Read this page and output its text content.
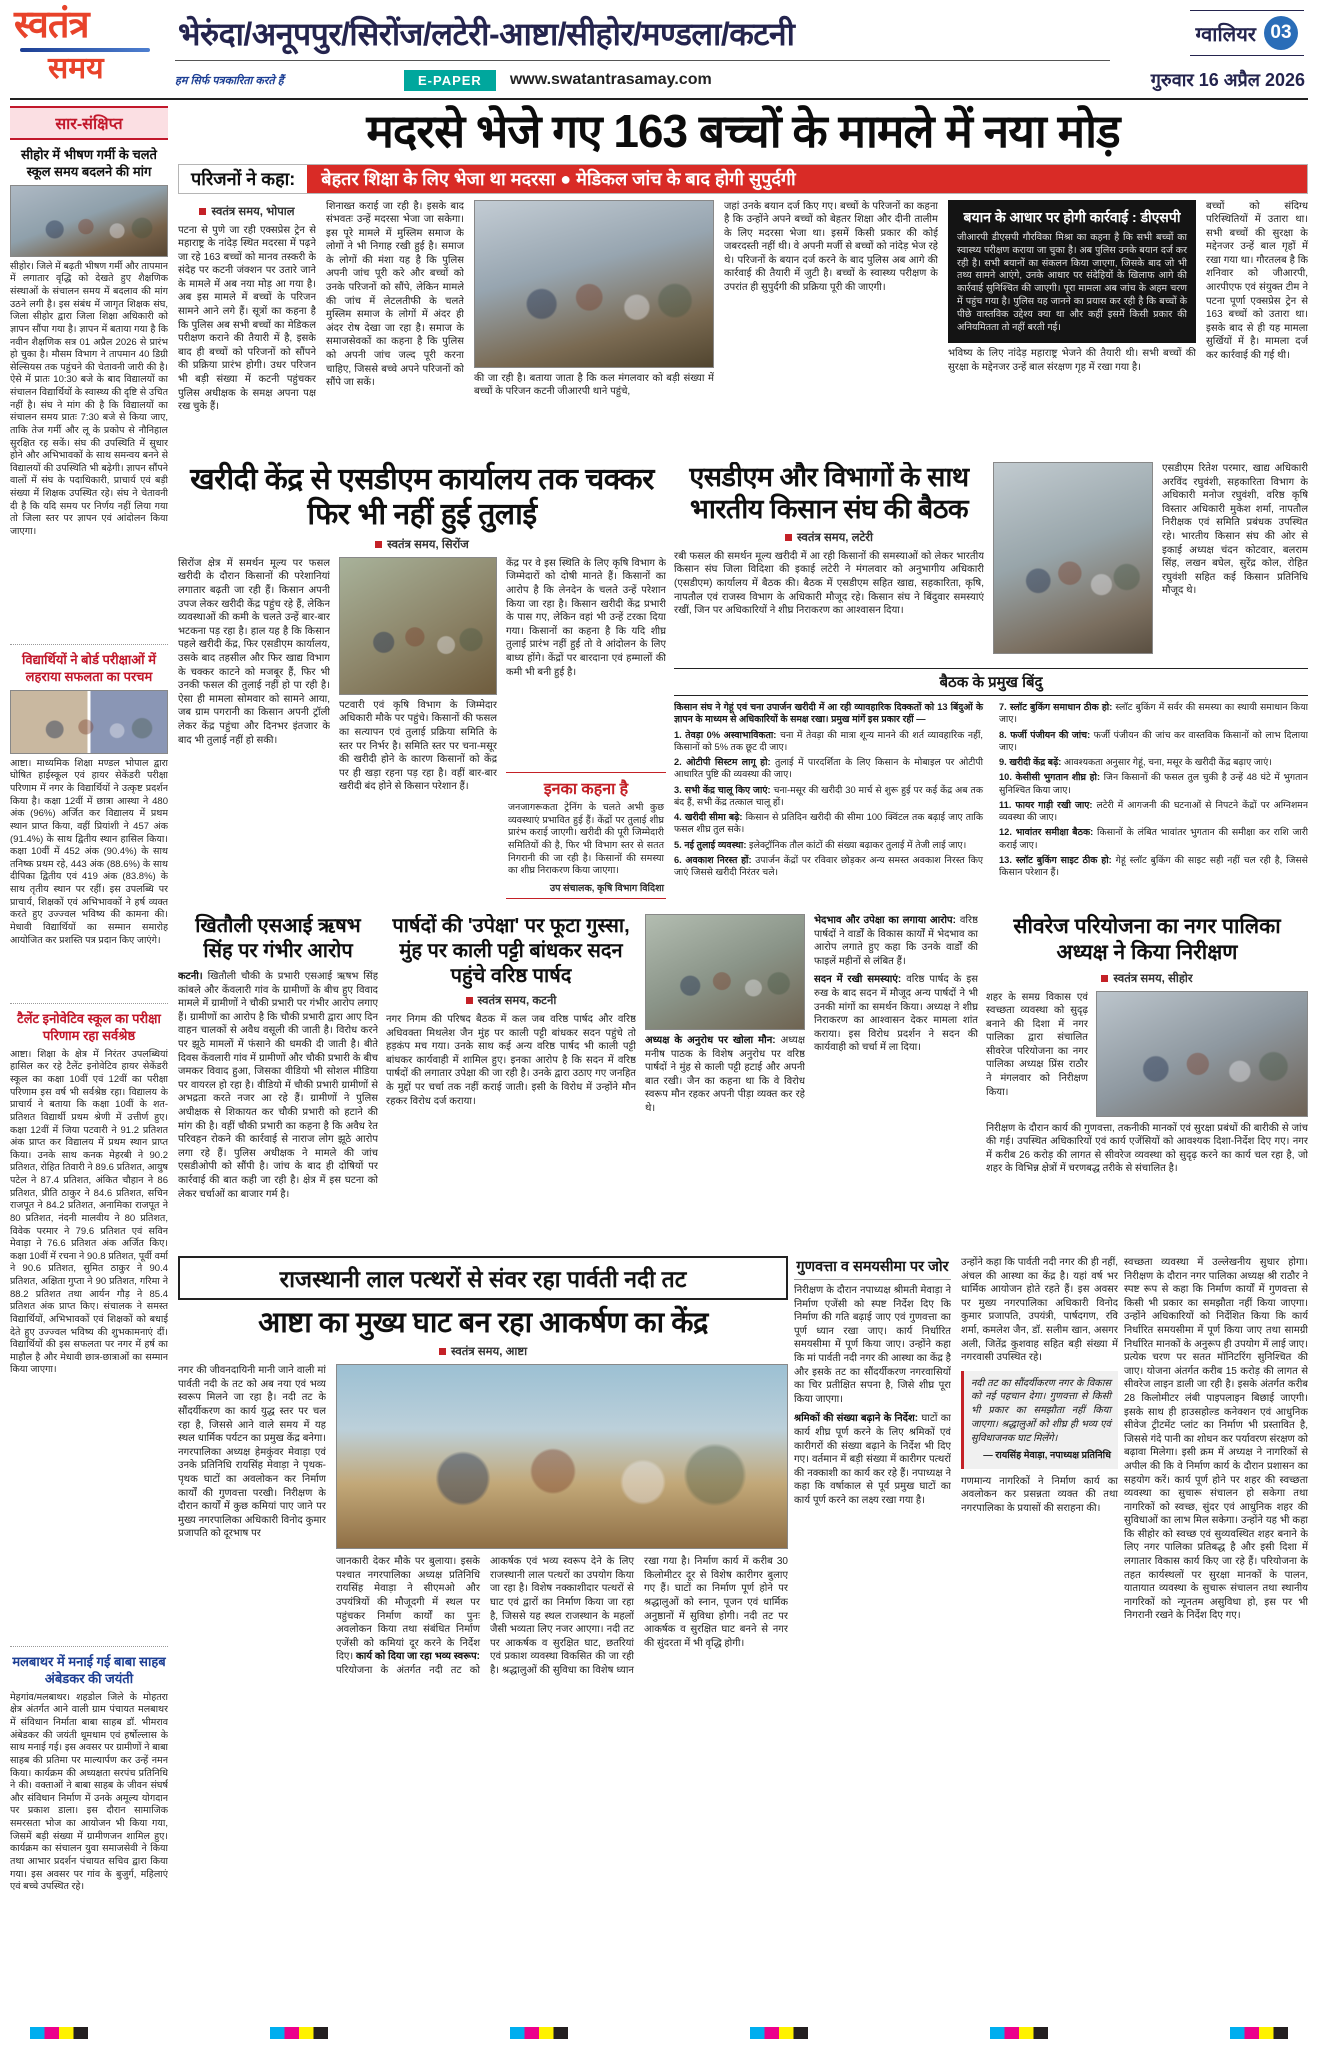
स्वतंत्र
समय
भेरुंदा/अनूपपुर/सिरोंज/लटेरी-आष्टा/सीहोर/मण्डला/कटनी	ग्वालियर 03
हम सिर्फ पत्रकारिता करते हैं	E-PAPER	www.swatantrasamay.com	गुरुवार 16 अप्रैल 2026
सार-संक्षिप्त
सीहोर में भीषण गर्मी के चलते स्कूल समय बदलने की मांग

सीहोर। जिले में बढ़ती भीषण गर्मी और तापमान में लगातार वृद्धि को देखते हुए शैक्षणिक संस्थाओं के संचालन समय में बदलाव की मांग उठने लगी है। इस संबंध में जागृत शिक्षक संघ, जिला सीहोर द्वारा जिला शिक्षा अधिकारी को ज्ञापन सौंपा गया है। ज्ञापन में बताया गया है कि नवीन शैक्षणिक सत्र 01 अप्रैल 2026 से प्रारंभ हो चुका है। मौसम विभाग ने तापमान 40 डिग्री सेल्सियस तक पहुंचने की चेतावनी जारी की है। ऐसे में प्रातः 10:30 बजे के बाद विद्यालयों का संचालन विद्यार्थियों के स्वास्थ्य की दृष्टि से उचित नहीं है। संघ ने मांग की है कि विद्यालयों का संचालन समय प्रातः 7:30 बजे से किया जाए, ताकि तेज गर्मी और लू के प्रकोप से नौनिहाल सुरक्षित रह सकें। संघ की उपस्थिति में सुधार होने और अभिभावकों के साथ समन्वय बनने से विद्यालयों की उपस्थिति भी बढ़ेगी। ज्ञापन सौंपने वालों में संघ के पदाधिकारी, प्राचार्य एवं बड़ी संख्या में शिक्षक उपस्थित रहे। संघ ने चेतावनी दी है कि यदि समय पर निर्णय नहीं लिया गया तो जिला स्तर पर ज्ञापन एवं आंदोलन किया जाएगा।

विद्यार्थियों ने बोर्ड परीक्षाओं में लहराया सफलता का परचम

आष्टा। माध्यमिक शिक्षा मण्डल भोपाल द्वारा घोषित हाईस्कूल एवं हायर सेकेंडरी परीक्षा परिणाम में नगर के विद्यार्थियों ने उत्कृष्ट प्रदर्शन किया है। कक्षा 12वीं में छात्रा आस्था ने 480 अंक (96%) अर्जित कर विद्यालय में प्रथम स्थान प्राप्त किया, वहीं प्रियांशी ने 457 अंक (91.4%) के साथ द्वितीय स्थान हासिल किया। कक्षा 10वीं में 452 अंक (90.4%) के साथ तनिष्क प्रथम रहे, 443 अंक (88.6%) के साथ दीपिका द्वितीय एवं 419 अंक (83.8%) के साथ तृतीय स्थान पर रहीं। इस उपलब्धि पर प्राचार्य, शिक्षकों एवं अभिभावकों ने हर्ष व्यक्त करते हुए उज्ज्वल भविष्य की कामना की। मेधावी विद्यार्थियों का सम्मान समारोह आयोजित कर प्रशस्ति पत्र प्रदान किए जाएंगे।

टैलेंट इनोवेटिव स्कूल का परीक्षा परिणाम रहा सर्वश्रेष्ठ

आष्टा। शिक्षा के क्षेत्र में निरंतर उपलब्धियां हासिल कर रहे टैलेंट इनोवेटिव हायर सेकेंडरी स्कूल का कक्षा 10वीं एवं 12वीं का परीक्षा परिणाम इस वर्ष भी सर्वश्रेष्ठ रहा। विद्यालय के प्राचार्य ने बताया कि कक्षा 10वीं के शत-प्रतिशत विद्यार्थी प्रथम श्रेणी में उत्तीर्ण हुए। कक्षा 12वीं में जिया पटवारी ने 91.2 प्रतिशत अंक प्राप्त कर विद्यालय में प्रथम स्थान प्राप्त किया। उनके साथ कनक मेहरबी ने 90.2 प्रतिशत, रोहित तिवारी ने 89.6 प्रतिशत, आयुष पटेल ने 87.4 प्रतिशत, अंकित चौहान ने 86 प्रतिशत, प्रीति ठाकुर ने 84.6 प्रतिशत, सचिन राजपूत ने 84.2 प्रतिशत, अनामिका राजपूत ने 80 प्रतिशत, नंदनी मालवीय ने 80 प्रतिशत, विवेक परमार ने 79.6 प्रतिशत एवं सविन मेवाड़ा ने 76.6 प्रतिशत अंक अर्जित किए। कक्षा 10वीं में रचना ने 90.8 प्रतिशत, पूर्वी वर्मा ने 90.6 प्रतिशत, सुमित ठाकुर ने 90.4 प्रतिशत, अक्षिता गुप्ता ने 90 प्रतिशत, गरिमा ने 88.2 प्रतिशत तथा आर्यन गौड़ ने 85.4 प्रतिशत अंक प्राप्त किए। संचालक ने समस्त विद्यार्थियों, अभिभावकों एवं शिक्षकों को बधाई देते हुए उज्ज्वल भविष्य की शुभकामनाएं दीं। विद्यार्थियों की इस सफलता पर नगर में हर्ष का माहौल है और मेधावी छात्र-छात्राओं का सम्मान किया जाएगा।

मलबाथर में मनाई गई बाबा साहब अंबेडकर की जयंती

मेहगांव/मलबाथर। शहडोल जिले के मोहतरा क्षेत्र अंतर्गत आने वाली ग्राम पंचायत मलबाथर में संविधान निर्माता बाबा साहब डॉ. भीमराव अंबेडकर की जयंती धूमधाम एवं हर्षोल्लास के साथ मनाई गई। इस अवसर पर ग्रामीणों ने बाबा साहब की प्रतिमा पर माल्यार्पण कर उन्हें नमन किया। कार्यक्रम की अध्यक्षता सरपंच प्रतिनिधि ने की। वक्ताओं ने बाबा साहब के जीवन संघर्ष और संविधान निर्माण में उनके अमूल्य योगदान पर प्रकाश डाला। इस दौरान सामाजिक समरसता भोज का आयोजन भी किया गया, जिसमें बड़ी संख्या में ग्रामीणजन शामिल हुए। कार्यक्रम का संचालन युवा समाजसेवी ने किया तथा आभार प्रदर्शन पंचायत सचिव द्वारा किया गया। इस अवसर पर गांव के बुजुर्ग, महिलाएं एवं बच्चे उपस्थित रहे।

मदरसे भेजे गए 163 बच्चों के मामले में नया मोड़
परिजनों ने कहा:	बेहतर शिक्षा के लिए भेजा था मदरसा ● मेडिकल जांच के बाद होगी सुपुर्दगी
स्वतंत्र समय, भोपाल

पटना से पुणे जा रही एक्सप्रेस ट्रेन से महाराष्ट्र के नांदेड़ स्थित मदरसा में पढ़ने जा रहे 163 बच्चों को मानव तस्करी के संदेह पर कटनी जंक्शन पर उतारे जाने के मामले में अब नया मोड़ आ गया है। अब इस मामले में बच्चों के परिजन सामने आने लगे हैं। सूत्रों का कहना है कि पुलिस अब सभी बच्चों का मेडिकल परीक्षण कराने की तैयारी में है, इसके बाद ही बच्चों को परिजनों को सौंपने की प्रक्रिया प्रारंभ होगी। उधर परिजन भी बड़ी संख्या में कटनी पहुंचकर पुलिस अधीक्षक के समक्ष अपना पक्ष रख चुके हैं।

शिनाख्त कराई जा रही है। इसके बाद संभवतः उन्हें मदरसा भेजा जा सकेगा। इस पूरे मामले में मुस्लिम समाज के लोगों ने भी निगाह रखी हुई है। समाज के लोगों की मंशा यह है कि पुलिस अपनी जांच पूरी करे और बच्चों को उनके परिजनों को सौंपे, लेकिन मामले की जांच में लेटलतीफी के चलते मुस्लिम समाज के लोगों में अंदर ही अंदर रोष देखा जा रहा है। समाज के समाजसेवकों का कहना है कि पुलिस को अपनी जांच जल्द पूरी करना चाहिए, जिससे बच्चे अपने परिजनों को सौंपे जा सकें।	की जा रही है। बताया जाता है कि कल मंगलवार को बड़ी संख्या में बच्चों के परिजन कटनी जीआरपी थाने पहुंचे,

जहां उनके बयान दर्ज किए गए। बच्चों के परिजनों का कहना है कि उन्होंने अपने बच्चों को बेहतर शिक्षा और दीनी तालीम के लिए मदरसा भेजा था। इसमें किसी प्रकार की कोई जबरदस्ती नहीं थी। वे अपनी मर्जी से बच्चों को नांदेड़ भेज रहे थे। परिजनों के बयान दर्ज करने के बाद पुलिस अब आगे की कार्रवाई की तैयारी में जुटी है। बच्चों के स्वास्थ्य परीक्षण के उपरांत ही सुपुर्दगी की प्रक्रिया पूरी की जाएगी।

बयान के आधार पर होगी कार्रवाई : डीएसपी

जीआरपी डीएसपी गौरविका मिश्रा का कहना है कि सभी बच्चों का स्वास्थ्य परीक्षण कराया जा चुका है। अब पुलिस उनके बयान दर्ज कर रही है। सभी बयानों का संकलन किया जाएगा, जिसके बाद जो भी तथ्य सामने आएंगे, उनके आधार पर संदेहियों के खिलाफ आगे की कार्रवाई सुनिश्चित की जाएगी। पूरा मामला अब जांच के अहम चरण में पहुंच गया है। पुलिस यह जानने का प्रयास कर रही है कि बच्चों के पीछे वास्तविक उद्देश्य क्या था और कहीं इसमें किसी प्रकार की अनियमितता तो नहीं बरती गई।

भविष्य के लिए नांदेड़ महाराष्ट्र भेजने की तैयारी थी। सभी बच्चों की सुरक्षा के मद्देनजर उन्हें बाल संरक्षण गृह में रखा गया है।

बच्चों को संदिग्ध परिस्थितियों में उतारा था। सभी बच्चों की सुरक्षा के मद्देनजर उन्हें बाल गृहों में रखा गया था। गौरतलब है कि शनिवार को जीआरपी, आरपीएफ एवं संयुक्त टीम ने पटना पूर्णा एक्सप्रेस ट्रेन से 163 बच्चों को उतारा था। इसके बाद से ही यह मामला सुर्खियों में है। मामला दर्ज कर कार्रवाई की गई थी।

खरीदी केंद्र से एसडीएम कार्यालय तक चक्कर फिर भी नहीं हुई तुलाई
स्वतंत्र समय, सिरोंज

सिरोंज क्षेत्र में समर्थन मूल्य पर फसल खरीदी के दौरान किसानों की परेशानियां लगातार बढ़ती जा रही हैं। किसान अपनी उपज लेकर खरीदी केंद्र पहुंच रहे हैं, लेकिन व्यवस्थाओं की कमी के चलते उन्हें बार-बार भटकना पड़ रहा है। हाल यह है कि किसान पहले खरीदी केंद्र, फिर एसडीएम कार्यालय, उसके बाद तहसील और फिर खाद्य विभाग के चक्कर काटने को मजबूर हैं, फिर भी उनकी फसल की तुलाई नहीं हो पा रही है। ऐसा ही मामला सोमवार को सामने आया, जब ग्राम पगरानी का किसान अपनी ट्रॉली लेकर केंद्र पहुंचा और दिनभर इंतजार के बाद भी तुलाई नहीं हो सकी।

पटवारी एवं कृषि विभाग के जिम्मेदार अधिकारी मौके पर पहुंचे। किसानों की फसल का सत्यापन एवं तुलाई प्रक्रिया समिति के स्तर पर निर्भर है। समिति स्तर पर चना-मसूर की खरीदी होने के कारण किसानों को केंद्र पर ही खड़ा रहना पड़ रहा है। वहीं बार-बार खरीदी बंद होने से किसान परेशान हैं।

केंद्र पर वे इस स्थिति के लिए कृषि विभाग के जिम्मेदारों को दोषी मानते हैं। किसानों का आरोप है कि लेनदेन के चलते उन्हें परेशान किया जा रहा है। किसान खरीदी केंद्र प्रभारी के पास गए, लेकिन वहां भी उन्हें टरका दिया गया। किसानों का कहना है कि यदि शीघ्र तुलाई प्रारंभ नहीं हुई तो वे आंदोलन के लिए बाध्य होंगे। केंद्रों पर बारदाना एवं हम्मालों की कमी भी बनी हुई है।

इनका कहना है

जनजागरूकता ट्रेनिंग के चलते अभी कुछ व्यवस्थाएं प्रभावित हुई हैं। केंद्रों पर तुलाई शीघ्र प्रारंभ कराई जाएगी। खरीदी की पूरी जिम्मेदारी समितियों की है, फिर भी विभाग स्तर से सतत निगरानी की जा रही है। किसानों की समस्या का शीघ्र निराकरण किया जाएगा।

उप संचालक, कृषि विभाग विदिशा
एसडीएम और विभागों के साथ भारतीय किसान संघ की बैठक
स्वतंत्र समय, लटेरी

रबी फसल की समर्थन मूल्य खरीदी में आ रही किसानों की समस्याओं को लेकर भारतीय किसान संघ जिला विदिशा की इकाई लटेरी ने मंगलवार को अनुभागीय अधिकारी (एसडीएम) कार्यालय में बैठक की। बैठक में एसडीएम सहित खाद्य, सहकारिता, कृषि, नापतौल एवं राजस्व विभाग के अधिकारी मौजूद रहे। किसान संघ ने बिंदुवार समस्याएं रखीं, जिन पर अधिकारियों ने शीघ्र निराकरण का आश्वासन दिया।

एसडीएम रितेश परमार, खाद्य अधिकारी अरविंद रघुवंशी, सहकारिता विभाग के अधिकारी मनोज रघुवंशी, वरिष्ठ कृषि विस्तार अधिकारी मुकेश शर्मा, नापतौल निरीक्षक एवं समिति प्रबंधक उपस्थित रहे। भारतीय किसान संघ की ओर से इकाई अध्यक्ष चंदन कोटवार, बलराम सिंह, लखन बघेल, सुरेंद्र कोल, रोहित रघुवंशी सहित कई किसान प्रतिनिधि मौजूद थे।

बैठक के प्रमुख बिंदु

किसान संघ ने गेहूं एवं चना उपार्जन खरीदी में आ रही व्यावहारिक दिक्कतों को 13 बिंदुओं के ज्ञापन के माध्यम से अधिकारियों के समक्ष रखा। प्रमुख मांगें इस प्रकार रहीं —

1. तेवड़ा 0% अस्वाभाविकता: चना में तेवड़ा की मात्रा शून्य मानने की शर्त व्यावहारिक नहीं, किसानों को 5% तक छूट दी जाए।
2. ओटीपी सिस्टम लागू हो: तुलाई में पारदर्शिता के लिए किसान के मोबाइल पर ओटीपी आधारित पुष्टि की व्यवस्था की जाए।
3. सभी केंद्र चालू किए जाएं: चना-मसूर की खरीदी 30 मार्च से शुरू हुई पर कई केंद्र अब तक बंद हैं, सभी केंद्र तत्काल चालू हों।
4. खरीदी सीमा बढ़े: किसान से प्रतिदिन खरीदी की सीमा 100 क्विंटल तक बढ़ाई जाए ताकि फसल शीघ्र तुल सके।
5. नई तुलाई व्यवस्था: इलेक्ट्रॉनिक तौल कांटों की संख्या बढ़ाकर तुलाई में तेजी लाई जाए।
6. अवकाश निरस्त हों: उपार्जन केंद्रों पर रविवार छोड़कर अन्य समस्त अवकाश निरस्त किए जाएं जिससे खरीदी निरंतर चले।
7. स्लॉट बुकिंग समाधान ठीक हो: स्लॉट बुकिंग में सर्वर की समस्या का स्थायी समाधान किया जाए।
8. फर्जी पंजीयन की जांच: फर्जी पंजीयन की जांच कर वास्तविक किसानों को लाभ दिलाया जाए।
9. खरीदी केंद्र बढ़ें: आवश्यकता अनुसार गेहूं, चना, मसूर के खरीदी केंद्र बढ़ाए जाएं।
10. केसीसी भुगतान शीघ्र हो: जिन किसानों की फसल तुल चुकी है उन्हें 48 घंटे में भुगतान सुनिश्चित किया जाए।
11. फायर गाड़ी रखी जाए: लटेरी में आगजनी की घटनाओं से निपटने केंद्रों पर अग्निशमन व्यवस्था की जाए।
12. भावांतर समीक्षा बैठक: किसानों के लंबित भावांतर भुगतान की समीक्षा कर राशि जारी कराई जाए।
13. स्लॉट बुकिंग साइट ठीक हो: गेहूं स्लॉट बुकिंग की साइट सही नहीं चल रही है, जिससे किसान परेशान हैं।
खितौली एसआई ऋषभ सिंह पर गंभीर आरोप

कटनी। खितौली चौकी के प्रभारी एसआई ऋषभ सिंह कांबले और केंवलारी गांव के ग्रामीणों के बीच हुए विवाद मामले में ग्रामीणों ने चौकी प्रभारी पर गंभीर आरोप लगाए हैं। ग्रामीणों का आरोप है कि चौकी प्रभारी द्वारा आए दिन वाहन चालकों से अवैध वसूली की जाती है। विरोध करने पर झूठे मामलों में फंसाने की धमकी दी जाती है। बीते दिवस केंवलारी गांव में ग्रामीणों और चौकी प्रभारी के बीच जमकर विवाद हुआ, जिसका वीडियो भी सोशल मीडिया पर वायरल हो रहा है। वीडियो में चौकी प्रभारी ग्रामीणों से अभद्रता करते नजर आ रहे हैं। ग्रामीणों ने पुलिस अधीक्षक से शिकायत कर चौकी प्रभारी को हटाने की मांग की है। वहीं चौकी प्रभारी का कहना है कि अवैध रेत परिवहन रोकने की कार्रवाई से नाराज लोग झूठे आरोप लगा रहे हैं। पुलिस अधीक्षक ने मामले की जांच एसडीओपी को सौंपी है। जांच के बाद ही दोषियों पर कार्रवाई की बात कही जा रही है। क्षेत्र में इस घटना को लेकर चर्चाओं का बाजार गर्म है।

पार्षदों की 'उपेक्षा' पर फूटा गुस्सा, मुंह पर काली पट्टी बांधकर सदन पहुंचे वरिष्ठ पार्षद
स्वतंत्र समय, कटनी

नगर निगम की परिषद बैठक में कल जब वरिष्ठ पार्षद और वरिष्ठ अधिवक्ता मिथलेश जैन मुंह पर काली पट्टी बांधकर सदन पहुंचे तो हड़कंप मच गया। उनके साथ कई अन्य वरिष्ठ पार्षद भी काली पट्टी बांधकर कार्यवाही में शामिल हुए। इनका आरोप है कि सदन में वरिष्ठ पार्षदों की लगातार उपेक्षा की जा रही है। उनके द्वारा उठाए गए जनहित के मुद्दों पर चर्चा तक नहीं कराई जाती। इसी के विरोध में उन्होंने मौन रहकर विरोध दर्ज कराया।

अध्यक्ष के अनुरोध पर खोला मौन: अध्यक्ष मनीष पाठक के विशेष अनुरोध पर वरिष्ठ पार्षदों ने मुंह से काली पट्टी हटाई और अपनी बात रखी। जैन का कहना था कि वे विरोध स्वरूप मौन रहकर अपनी पीड़ा व्यक्त कर रहे थे।

भेदभाव और उपेक्षा का लगाया आरोप: वरिष्ठ पार्षदों ने वार्डों के विकास कार्यों में भेदभाव का आरोप लगाते हुए कहा कि उनके वार्डों की फाइलें महीनों से लंबित हैं।

सदन में रखी समस्याएं: वरिष्ठ पार्षद के इस रुख के बाद सदन में मौजूद अन्य पार्षदों ने भी उनकी मांगों का समर्थन किया। अध्यक्ष ने शीघ्र निराकरण का आश्वासन देकर मामला शांत कराया। इस विरोध प्रदर्शन ने सदन की कार्यवाही को चर्चा में ला दिया।

सीवरेज परियोजना का नगर पालिका अध्यक्ष ने किया निरीक्षण
स्वतंत्र समय, सीहोर

शहर के समग्र विकास एवं स्वच्छता व्यवस्था को सुदृढ़ बनाने की दिशा में नगर पालिका द्वारा संचालित सीवरेज परियोजना का नगर पालिका अध्यक्ष प्रिंस राठौर ने मंगलवार को निरीक्षण किया।

निरीक्षण के दौरान कार्य की गुणवत्ता, तकनीकी मानकों एवं सुरक्षा प्रबंधों की बारीकी से जांच की गई। उपस्थित अधिकारियों एवं कार्य एजेंसियों को आवश्यक दिशा-निर्देश दिए गए। नगर में करीब 26 करोड़ की लागत से सीवरेज व्यवस्था को सुदृढ़ करने का कार्य चल रहा है, जो शहर के विभिन्न क्षेत्रों में चरणबद्ध तरीके से संचालित है।

राजस्थानी लाल पत्थरों से संवर रहा पार्वती नदी तट
आष्टा का मुख्य घाट बन रहा आकर्षण का केंद्र
स्वतंत्र समय, आष्टा

नगर की जीवनदायिनी मानी जाने वाली मां पार्वती नदी के तट को अब नया एवं भव्य स्वरूप मिलने जा रहा है। नदी तट के सौंदर्यीकरण का कार्य युद्ध स्तर पर चल रहा है, जिससे आने वाले समय में यह स्थल धार्मिक पर्यटन का प्रमुख केंद्र बनेगा। नगरपालिका अध्यक्ष हेमकुंवर मेवाड़ा एवं उनके प्रतिनिधि रायसिंह मेवाड़ा ने पृथक-पृथक घाटों का अवलोकन कर निर्माण कार्यों की गुणवत्ता परखी। निरीक्षण के दौरान कार्यों में कुछ कमियां पाए जाने पर मुख्य नगरपालिका अधिकारी विनोद कुमार प्रजापति को दूरभाष पर

जानकारी देकर मौके पर बुलाया। इसके पश्चात नगरपालिका अध्यक्ष प्रतिनिधि रायसिंह मेवाड़ा ने सीएमओ और उपयंत्रियों की मौजूदगी में स्थल पर पहुंचकर निर्माण कार्यों का पुनः अवलोकन किया तथा संबंधित निर्माण एजेंसी को कमियां दूर करने के निर्देश दिए। कार्य को दिया जा रहा भव्य स्वरूप: परियोजना के अंतर्गत नदी तट को आकर्षक एवं भव्य स्वरूप देने के लिए राजस्थानी लाल पत्थरों का उपयोग किया जा रहा है। विशेष नक्काशीदार पत्थरों से घाट एवं द्वारों का निर्माण किया जा रहा है, जिससे यह स्थल राजस्थान के महलों जैसी भव्यता लिए नजर आएगा। नदी तट पर आकर्षक व सुरक्षित घाट, छतरियां एवं प्रकाश व्यवस्था विकसित की जा रही है। श्रद्धालुओं की सुविधा का विशेष ध्यान रखा गया है। निर्माण कार्य में करीब 30 किलोमीटर दूर से विशेष कारीगर बुलाए गए हैं। घाटों का निर्माण पूर्ण होने पर श्रद्धालुओं को स्नान, पूजन एवं धार्मिक अनुष्ठानों में सुविधा होगी। नदी तट पर आकर्षक व सुरक्षित घाट बनने से नगर की सुंदरता में भी वृद्धि होगी।
गुणवत्ता व समयसीमा पर जोर

निरीक्षण के दौरान नपाध्यक्ष श्रीमती मेवाड़ा ने निर्माण एजेंसी को स्पष्ट निर्देश दिए कि निर्माण की गति बढ़ाई जाए एवं गुणवत्ता का पूर्ण ध्यान रखा जाए। कार्य निर्धारित समयसीमा में पूर्ण किया जाए। उन्होंने कहा कि मां पार्वती नदी नगर की आस्था का केंद्र है और इसके तट का सौंदर्यीकरण नगरवासियों का चिर प्रतीक्षित सपना है, जिसे शीघ्र पूरा किया जाएगा।

श्रमिकों की संख्या बढ़ाने के निर्देश: घाटों का कार्य शीघ्र पूर्ण करने के लिए श्रमिकों एवं कारीगरों की संख्या बढ़ाने के निर्देश भी दिए गए। वर्तमान में बड़ी संख्या में कारीगर पत्थरों की नक्काशी का कार्य कर रहे हैं। नपाध्यक्ष ने कहा कि वर्षाकाल से पूर्व प्रमुख घाटों का कार्य पूर्ण करने का लक्ष्य रखा गया है।

उन्होंने कहा कि पार्वती नदी नगर की ही नहीं, अंचल की आस्था का केंद्र है। यहां वर्ष भर धार्मिक आयोजन होते रहते हैं। इस अवसर पर मुख्य नगरपालिका अधिकारी विनोद कुमार प्रजापति, उपयंत्री, पार्षदगण, रवि शर्मा, कमलेश जैन, डॉ. सलीम खान, असगर अली, जितेंद्र कुशवाह सहित बड़ी संख्या में नगरवासी उपस्थित रहे।

नदी तट का सौंदर्यीकरण नगर के विकास को नई पहचान देगा। गुणवत्ता से किसी भी प्रकार का समझौता नहीं किया जाएगा। श्रद्धालुओं को शीघ्र ही भव्य एवं सुविधाजनक घाट मिलेंगे।

— रायसिंह मेवाड़ा, नपाध्यक्ष प्रतिनिधि

गणमान्य नागरिकों ने निर्माण कार्य का अवलोकन कर प्रसन्नता व्यक्त की तथा नगरपालिका के प्रयासों की सराहना की।

स्वच्छता व्यवस्था में उल्लेखनीय सुधार होगा। निरीक्षण के दौरान नगर पालिका अध्यक्ष श्री राठौर ने स्पष्ट रूप से कहा कि निर्माण कार्यों में गुणवत्ता से किसी भी प्रकार का समझौता नहीं किया जाएगा। उन्होंने अधिकारियों को निर्देशित किया कि कार्य निर्धारित समयसीमा में पूर्ण किया जाए तथा सामग्री निर्धारित मानकों के अनुरूप ही उपयोग में लाई जाए। प्रत्येक चरण पर सतत मॉनिटरिंग सुनिश्चित की जाए। योजना अंतर्गत करीब 15 करोड़ की लागत से सीवरेज लाइन डाली जा रही है। इसके अंतर्गत करीब 28 किलोमीटर लंबी पाइपलाइन बिछाई जाएगी। इसके साथ ही हाउसहोल्ड कनेक्शन एवं आधुनिक सीवेज ट्रीटमेंट प्लांट का निर्माण भी प्रस्तावित है, जिससे गंदे पानी का शोधन कर पर्यावरण संरक्षण को बढ़ावा मिलेगा। इसी क्रम में अध्यक्ष ने नागरिकों से अपील की कि वे निर्माण कार्य के दौरान प्रशासन का सहयोग करें। कार्य पूर्ण होने पर शहर की स्वच्छता व्यवस्था का सुचारू संचालन हो सकेगा तथा नागरिकों को स्वच्छ, सुंदर एवं आधुनिक शहर की सुविधाओं का लाभ मिल सकेगा। उन्होंने यह भी कहा कि सीहोर को स्वच्छ एवं सुव्यवस्थित शहर बनाने के लिए नगर पालिका प्रतिबद्ध है और इसी दिशा में लगातार विकास कार्य किए जा रहे हैं। परियोजना के तहत कार्यस्थलों पर सुरक्षा मानकों के पालन, यातायात व्यवस्था के सुचारू संचालन तथा स्थानीय नागरिकों को न्यूनतम असुविधा हो, इस पर भी निगरानी रखने के निर्देश दिए गए।
